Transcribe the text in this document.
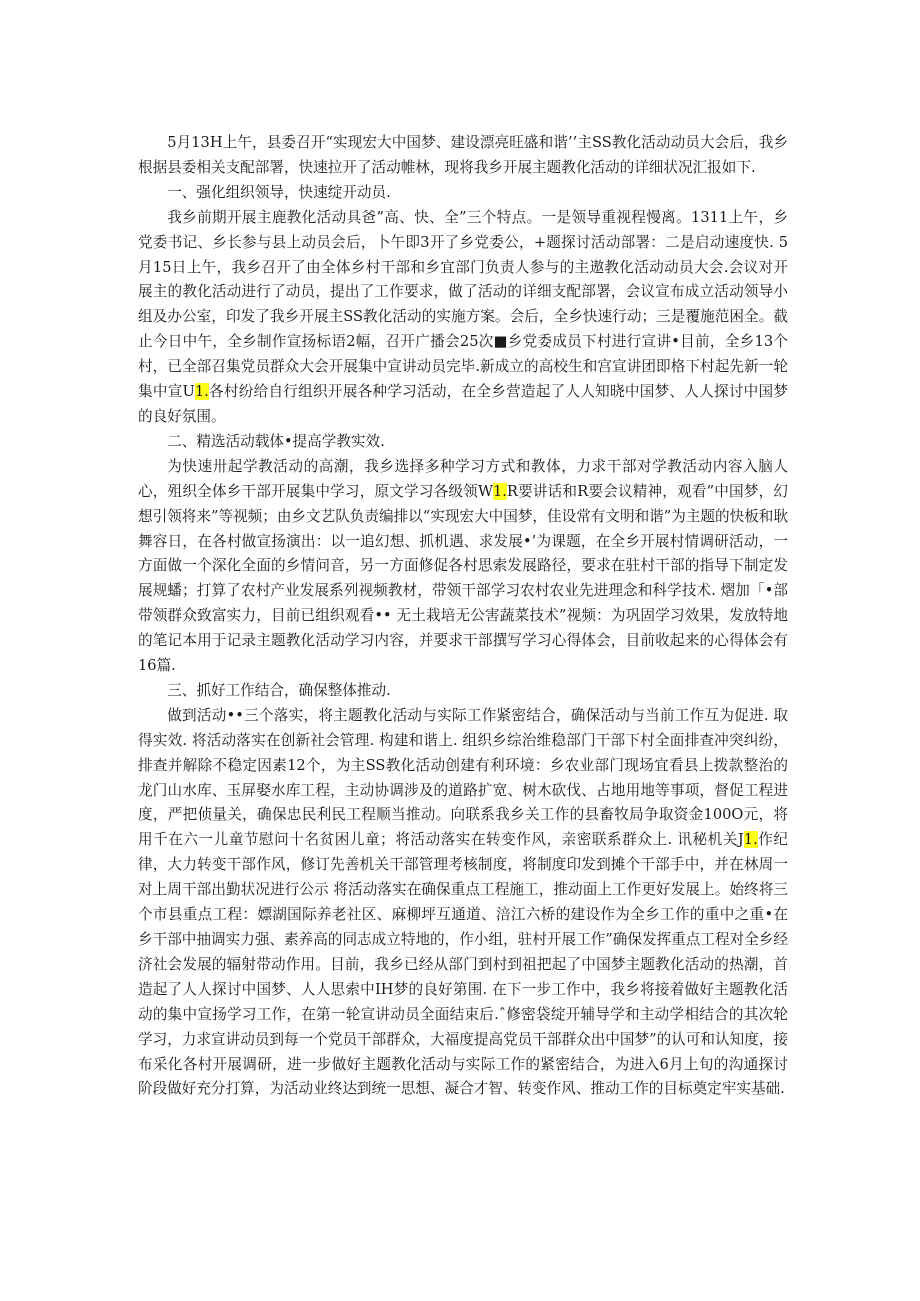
5月13H上午，县委召开“实现宏大中国梦、建设漂亮旺盛和谐’’主SS教化活动动员大会后，我乡根据县委相关支配部署，快速拉开了活动帷林，现将我乡开展主题教化活动的详细状况汇报如下.

一、强化组织领导，快速绽开动员.

我乡前期开展主鹿教化活动具爸”高、快、全”三个特点。一是领导重视程慢离。1311上午，乡党委书记、乡长参与县上动员会后，卜午即3开了乡党委公，+题探讨活动部署：二是启动速度快. 5月15日上午，我乡召开了由全体乡村干部和乡宜部门负责人参与的主遨教化活动动员大会.会议对开展主的教化活动进行了动员，提出了工作要求，做了活动的详细支配部署，会议宣布成立活动领导小组及办公室，印发了我乡开展主SS教化活动的实施方案。会后，全乡快速行动；三是覆施范困全。截止今日中午，全乡制作宣扬标语2幅，召开广播会25次■乡党委成员下村进行宣讲•目前，全乡13个村，已全部召集党员群众大会开展集中宣讲动员完毕.新成立的高校生和宫宣讲团即格下村起先新一轮集中宣U1.各村纷给自行组织开展各种学习活动，在全乡营造起了人人知晓中国梦、人人探讨中国梦的良好氛围。

二、精选活动载体•提高学教实效.

为快速卅起学教活动的高潮，我乡选择多种学习方式和教体，力求干部对学教活动内容入脑人心，殂织全体乡干部开展集中学习，原文学习各级领W1.R要讲话和R要会议精神，观看”中国梦，幻想引领将来”等视频；由乡文艺队负责编排以“实现宏大中国梦，佳设常有文明和谐”为主题的快板和耿舞容日，在各村做宣扬演出：以一追幻想、抓机遇、求发展•’为课题，在全乡开展村情调研活动，一方面做一个深化全面的乡情问音，另一方面修促各村思索发展路径，要求在驻村干部的指导下制定发展规蟠；打算了农村产业发展系列视频教材，带领干部学习农村农业先进理念和科学技术. 熠加「•部带领群众致富实力，目前已组织观看•• 无土栽培无公害蔬菜技术”视频：为巩固学习效果，发放特地的笔记本用于记录主题教化活动学习内容，并要求干部撰写学习心得体会，目前收起来的心得体会有16篇.

三、抓好工作结合，确保整体推动.

做到活动••三个落实，将主题教化活动与实际工作紧密结合，确保活动与当前工作互为促进. 取得实效. 将活动落实在创新社会管理. 构建和谐上. 组织乡综治维稳部门干部下村全面排查冲突纠纷，排查并解除不稳定因素12个，为主SS教化活动创建有利环境：乡农业部门现场宜看县上拨款整治的龙门山水库、玉屏娶水库工程，主动协调涉及的道路扩宽、树木砍伐、占地用地等事项，督促工程进度，严把侦量关，确保忠民利民工程顺当推动。向联系我乡关工作的县畜牧局争取资金100O元，将用千在六一儿童节慰问十名贫困儿童；将活动落实在转变作风，亲密联系群众上. 讯秘机关J1.作纪律，大力转变干部作风，修订先善机关干部管理考核制度，将制度印发到摊个干部手中，并在林周一对上周干部出勤状况进行公示 将活动落实在确保重点工程施工，推动面上工作更好发展上。始终将三个市县重点工程：嫖湖国际养老社区、麻柳坪互通道、涪江六桥的建设作为全乡工作的重中之重•在乡干部中抽调实力强、素养高的同志成立特地的，作小组，驻村开展工作”确保发挥重点工程对全乡经济社会发展的辐射带动作用。目前，我乡已经从部门到村到祖把起了中国梦主题教化活动的热潮，首造起了人人探讨中国梦、人人思索中IH梦的良好第围. 在下一步工作中，我乡将接着做好主题教化活动的集中宣扬学习工作，在第一轮宣讲动员全面结束后.ˆ修密袋绽开辅导学和主动学相结合的其次轮学习，力求宣讲动员到每一个党员干部群众，大福度提高党员干部群众出中国梦”的认可和认知度，接布采化各村开展调研，进一步做好主题教化活动与实际工作的紧密结合，为进入6月上旬的沟通探讨阶段做好充分打算，为活动业终达到统一思想、凝合才智、转变作风、推动工作的目标奠定牢实基础.
